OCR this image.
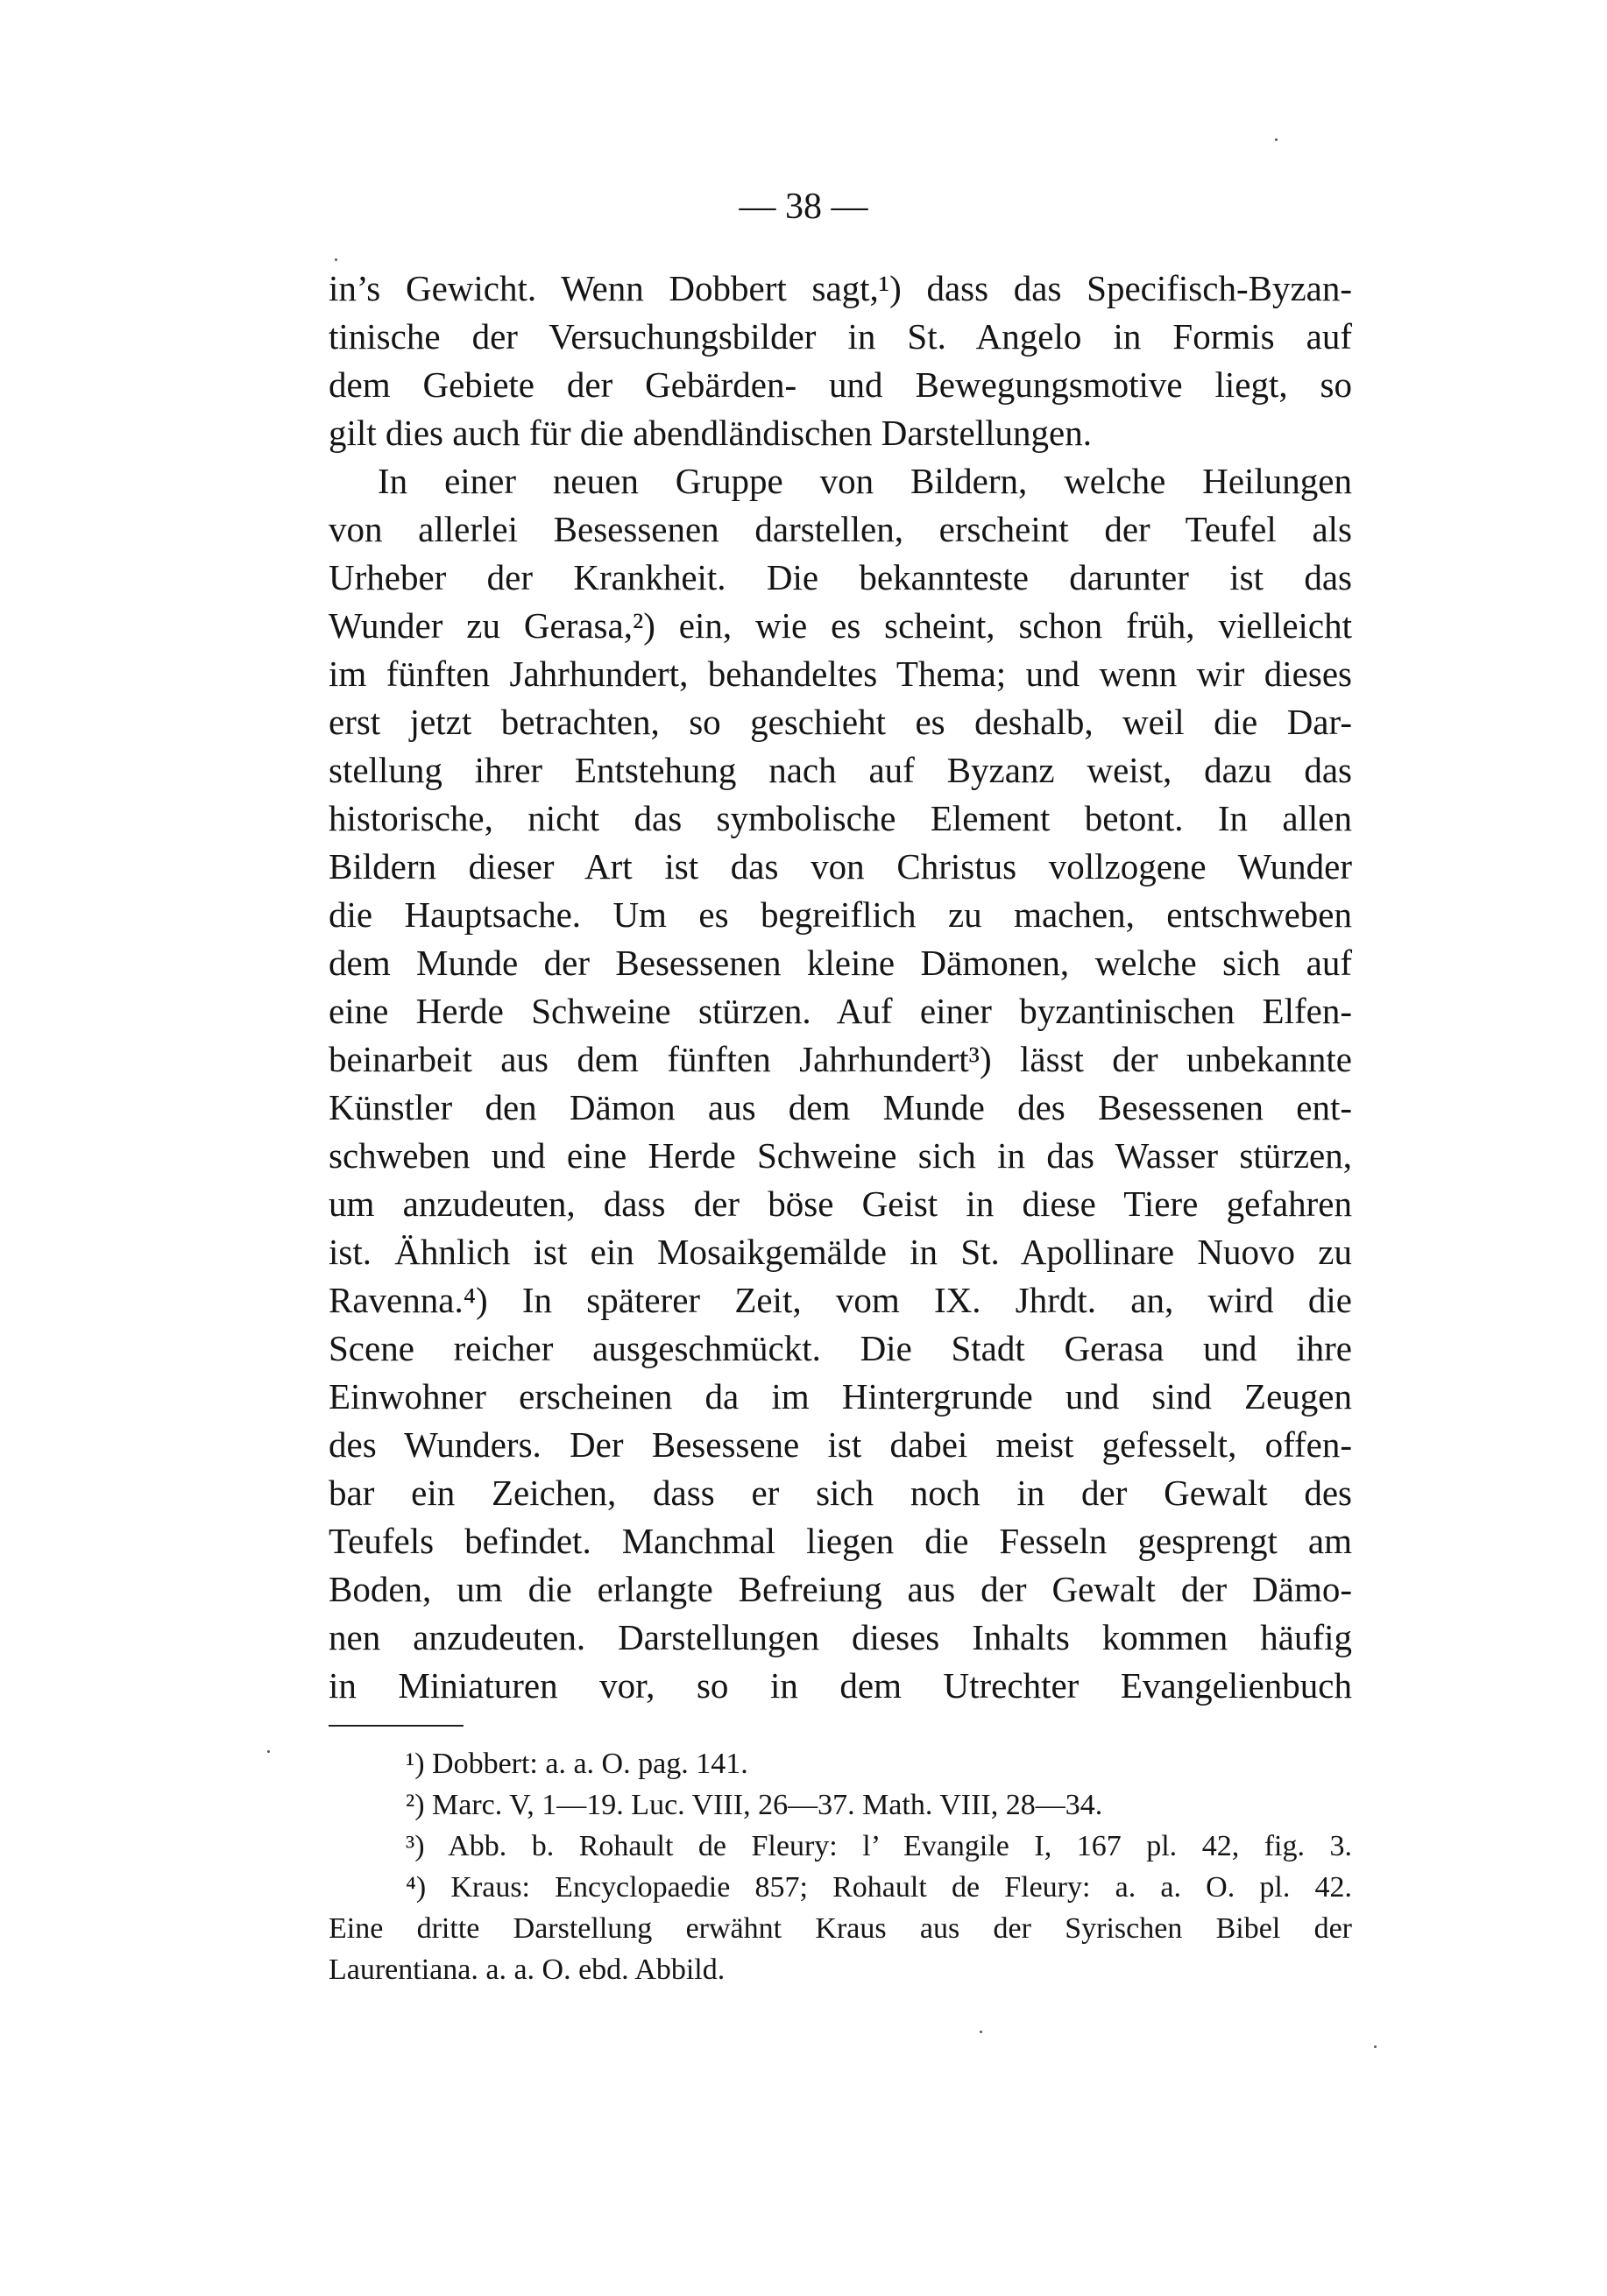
— 38 —
in’s Gewicht. Wenn Dobbert sagt,¹) dass das Specifisch-Byzan-
tinische der Versuchungsbilder in St. Angelo in Formis auf
dem Gebiete der Gebärden- und Bewegungsmotive liegt, so
gilt dies auch für die abendländischen Darstellungen.
In einer neuen Gruppe von Bildern, welche Heilungen
von allerlei Besessenen darstellen, erscheint der Teufel als
Urheber der Krankheit. Die bekannteste darunter ist das
Wunder zu Gerasa,²) ein, wie es scheint, schon früh, vielleicht
im fünften Jahrhundert, behandeltes Thema; und wenn wir dieses
erst jetzt betrachten, so geschieht es deshalb, weil die Dar-
stellung ihrer Entstehung nach auf Byzanz weist, dazu das
historische, nicht das symbolische Element betont. In allen
Bildern dieser Art ist das von Christus vollzogene Wunder
die Hauptsache. Um es begreiflich zu machen, entschweben
dem Munde der Besessenen kleine Dämonen, welche sich auf
eine Herde Schweine stürzen. Auf einer byzantinischen Elfen-
beinarbeit aus dem fünften Jahrhundert³) lässt der unbekannte
Künstler den Dämon aus dem Munde des Besessenen ent-
schweben und eine Herde Schweine sich in das Wasser stürzen,
um anzudeuten, dass der böse Geist in diese Tiere gefahren
ist. Ähnlich ist ein Mosaikgemälde in St. Apollinare Nuovo zu
Ravenna.⁴) In späterer Zeit, vom IX. Jhrdt. an, wird die
Scene reicher ausgeschmückt. Die Stadt Gerasa und ihre
Einwohner erscheinen da im Hintergrunde und sind Zeugen
des Wunders. Der Besessene ist dabei meist gefesselt, offen-
bar ein Zeichen, dass er sich noch in der Gewalt des
Teufels befindet. Manchmal liegen die Fesseln gesprengt am
Boden, um die erlangte Befreiung aus der Gewalt der Dämo-
nen anzudeuten. Darstellungen dieses Inhalts kommen häufig
in Miniaturen vor, so in dem Utrechter Evangelienbuch
¹) Dobbert: a. a. O. pag. 141.
²) Marc. V, 1—19. Luc. VIII, 26—37. Math. VIII, 28—34.
³) Abb. b. Rohault de Fleury: l’ Evangile I, 167 pl. 42, fig. 3.
⁴) Kraus: Encyclopaedie 857; Rohault de Fleury: a. a. O. pl. 42.
Eine dritte Darstellung erwähnt Kraus aus der Syrischen Bibel der
Laurentiana. a. a. O. ebd. Abbild.
